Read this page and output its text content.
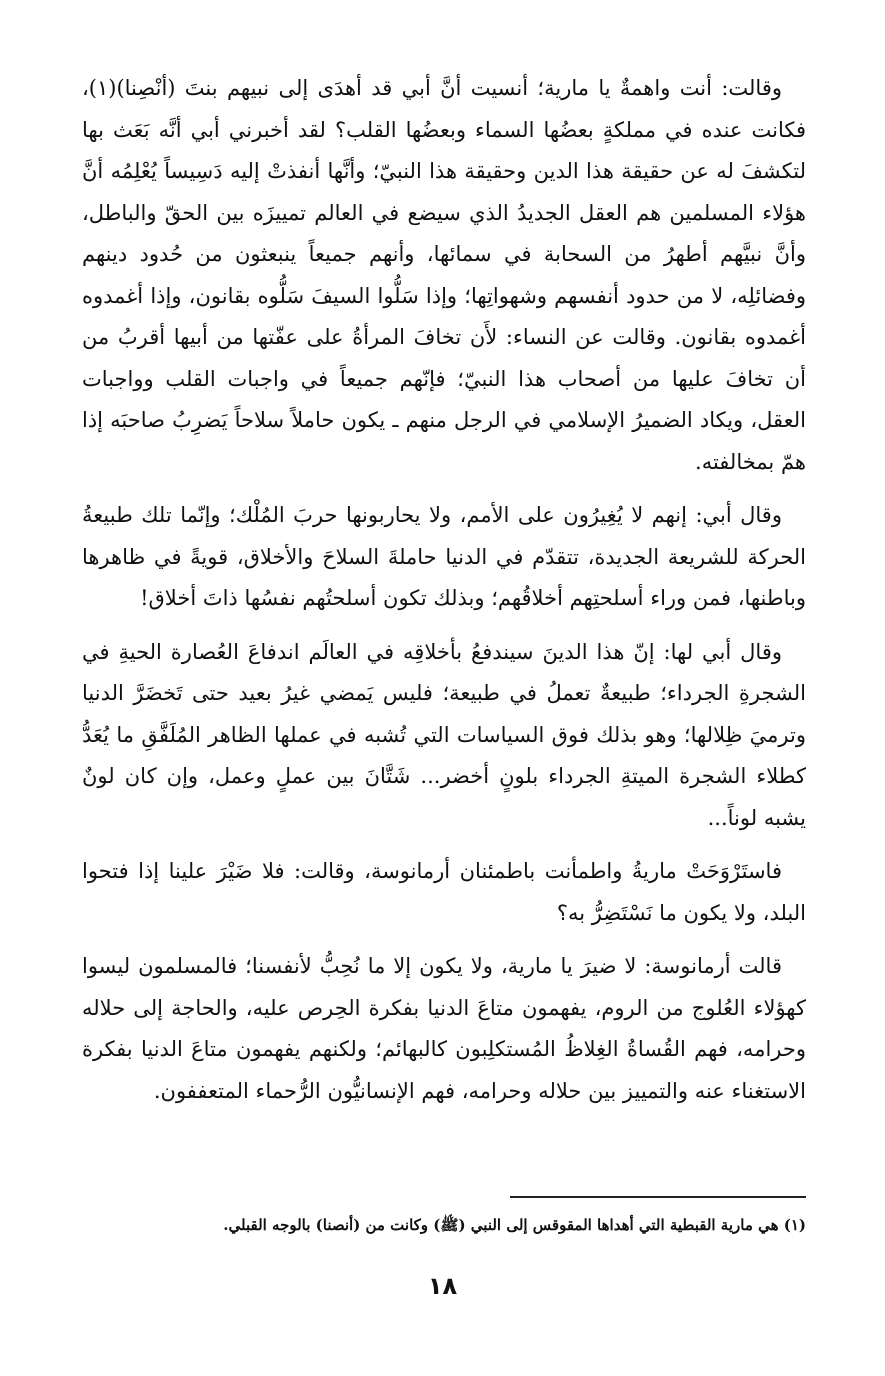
وقالت: أنت واهمةٌ يا مارية؛ أنسيت أنَّ أبي قد أهدَى إلى نبيهم بنتَ (أنْصِنا)(١)، فكانت عنده في مملكةٍ بعضُها السماء وبعضُها القلب؟ لقد أخبرني أبي أنَّه بَعَث بها لتكشفَ له عن حقيقة هذا الدين وحقيقة هذا النبيّ؛ وأنَّها أنفذتْ إليه دَسِيساً يُعْلِمُه أنَّ هؤلاء المسلمين هم العقل الجديدُ الذي سيضع في العالم تمييزَه بين الحقّ والباطل، وأنَّ نبيَّهم أطهرُ من السحابة في سمائها، وأنهم جميعاً ينبعثون من حُدود دينهم وفضائلِه، لا من حدود أنفسهم وشهواتِها؛ وإذا سَلُّوا السيفَ سَلُّوه بقانون، وإذا أغمدوه أغمدوه بقانون. وقالت عن النساء: لأَن تخافَ المرأةُ على عفّتها من أبيها أقربُ من أن تخافَ عليها من أصحاب هذا النبيّ؛ فإنّهم جميعاً في واجبات القلب وواجبات العقل، ويكاد الضميرُ الإسلامي في الرجل منهم ـ يكون حاملاً سلاحاً يَضرِبُ صاحبَه إذا همّ بمخالفته.

وقال أبي: إنهم لا يُغِيرُون على الأمم، ولا يحاربونها حربَ المُلْك؛ وإنّما تلك طبيعةُ الحركة للشريعة الجديدة، تتقدّم في الدنيا حاملةَ السلاحَ والأخلاق، قويةً في ظاهرها وباطنها، فمن وراء أسلحتِهم أخلاقُهم؛ وبذلك تكون أسلحتُهم نفسُها ذاتَ أخلاق!

وقال أبي لها: إنّ هذا الدينَ سيندفعُ بأخلاقِه في العالَم اندفاعَ العُصارة الحيةِ في الشجرةِ الجرداء؛ طبيعةٌ تعملُ في طبيعة؛ فليس يَمضي غيرُ بعيد حتى تَخضَرَّ الدنيا وترميَ ظِلالها؛ وهو بذلك فوق السياسات التي تُشبه في عملها الظاهر المُلَفَّقِ ما يُعَدُّ كطلاء الشجرة الميتةِ الجرداء بلونٍ أخضر... شَتَّانَ بين عملٍ وعمل، وإن كان لونٌ يشبه لوناً...

فاستَرْوَحَتْ ماريةُ واطمأنت باطمئنان أرمانوسة، وقالت: فلا ضَيْرَ علينا إذا فتحوا البلد، ولا يكون ما نَسْتَضِرُّ به؟

قالت أرمانوسة: لا ضيرَ يا مارية، ولا يكون إلا ما نُحِبُّ لأنفسنا؛ فالمسلمون ليسوا كهؤلاء العُلوج من الروم، يفهمون متاعَ الدنيا بفكرة الحِرص عليه، والحاجة إلى حلاله وحرامه، فهم القُساةُ الغِلاظُ المُستكلِبون كالبهائم؛ ولكنهم يفهمون متاعَ الدنيا بفكرة الاستغناء عنه والتمييز بين حلاله وحرامه، فهم الإنسانيُّون الرُّحماء المتعففون.

(١) هي مارية القبطية التي أهداها المقوقس إلى النبي (ﷺ) وكانت من (أنصنا) بالوجه القبلي.
١٨
